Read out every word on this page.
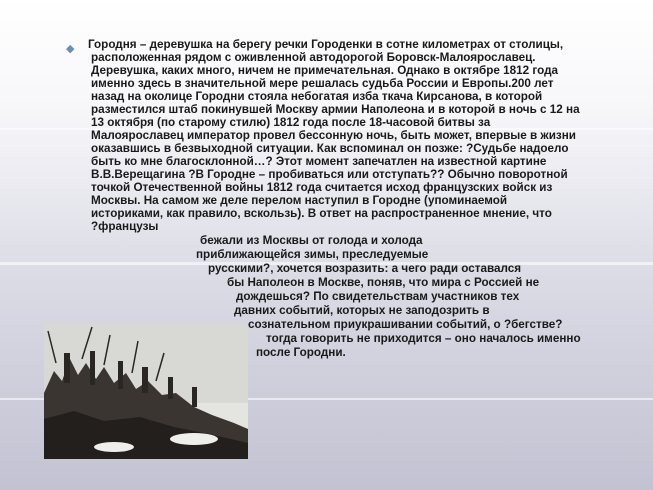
◆ Городня – деревушка на берегу речки Городенки в сотне километрах от столицы,

расположенная рядом с оживленной автодорогой Боровск-Малоярославец.

Деревушка, каких много, ничем не примечательная. Однако в октябре 1812 года

именно здесь в значительной мере решалась судьба России и Европы.200 лет

назад на околице Городни стояла небогатая изба ткача Кирсанова, в которой

разместился штаб покинувшей Москву армии Наполеона и в которой в ночь с 12 на

13 октября (по старому стилю) 1812 года после 18-часовой битвы за

Малоярославец император провел бессонную ночь, быть может, впервые в жизни

оказавшись в безвыходной ситуации. Как вспоминал он позже: ?Судьбе надоело

быть ко мне благосклонной…? Этот момент запечатлен на известной картине

В.В.Верещагина ?В Городне – пробиваться или отступать?? Обычно поворотной

точкой Отечественной войны 1812 года считается исход французских войск из

Москвы. На самом же деле перелом наступил в Городне (упоминаемой

историками, как правило, вскользь). В ответ на распространенное мнение, что

?французы

бежали из Москвы от голода и холода

приближающейся зимы, преследуемые

русскими?, хочется возразить: а чего ради оставался

бы Наполеон в Москве, поняв, что мира с Россией не

дождешься? По свидетельствам участников тех

давних событий, которых не заподозрить в

сознательном приукрашивании событий, о ?бегстве?

тогда говорить не приходится – оно началось именно

после Городни.
